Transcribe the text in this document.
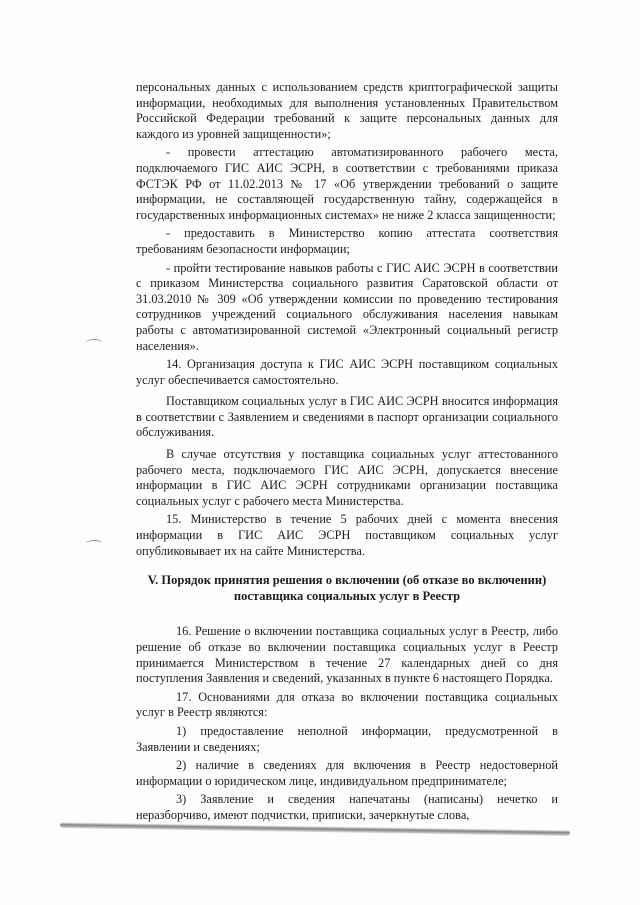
персональных данных с использованием средств криптографической защиты информации, необходимых для выполнения установленных Правительством Российской Федерации требований к защите персональных данных для каждого из уровней защищенности»;

- провести аттестацию автоматизированного рабочего места, подключаемого ГИС АИС ЭСРН, в соответствии с требованиями приказа ФСТЭК РФ от 11.02.2013 № 17 «Об утверждении требований о защите информации, не составляющей государственную тайну, содержащейся в государственных информационных системах» не ниже 2 класса защищенности;

- предоставить в Министерство копию аттестата соответствия требованиям безопасности информации;

- пройти тестирование навыков работы с ГИС АИС ЭСРН в соответствии с приказом Министерства социального развития Саратовской области от 31.03.2010 № 309 «Об утверждении комиссии по проведению тестирования сотрудников учреждений социального обслуживания населения навыкам работы с автоматизированной системой «Электронный социальный регистр населения».

14. Организация доступа к ГИС АИС ЭСРН поставщиком социальных услуг обеспечивается самостоятельно.

Поставщиком социальных услуг в ГИС АИС ЭСРН вносится информация в соответствии с Заявлением и сведениями в паспорт организации социального обслуживания.

В случае отсутствия у поставщика социальных услуг аттестованного рабочего места, подключаемого ГИС АИС ЭСРН, допускается внесение информации в ГИС АИС ЭСРН сотрудниками организации поставщика социальных услуг с рабочего места Министерства.

15. Министерство в течение 5 рабочих дней с момента внесения информации в ГИС АИС ЭСРН поставщиком социальных услуг опубликовывает их на сайте Министерства.

V. Порядок принятия решения о включении (об отказе во включении) поставщика социальных услуг в Реестр

16. Решение о включении поставщика социальных услуг в Реестр, либо решение об отказе во включении поставщика социальных услуг в Реестр принимается Министерством в течение 27 календарных дней со дня поступления Заявления и сведений, указанных в пункте 6 настоящего Порядка.

17. Основаниями для отказа во включении поставщика социальных услуг в Реестр являются:

1) предоставление неполной информации, предусмотренной в Заявлении и сведениях;

2) наличие в сведениях для включения в Реестр недостоверной информации о юридическом лице, индивидуальном предпринимателе;

3) Заявление и сведения напечатаны (написаны) нечетко и неразборчиво, имеют подчистки, приписки, зачеркнутые слова,
